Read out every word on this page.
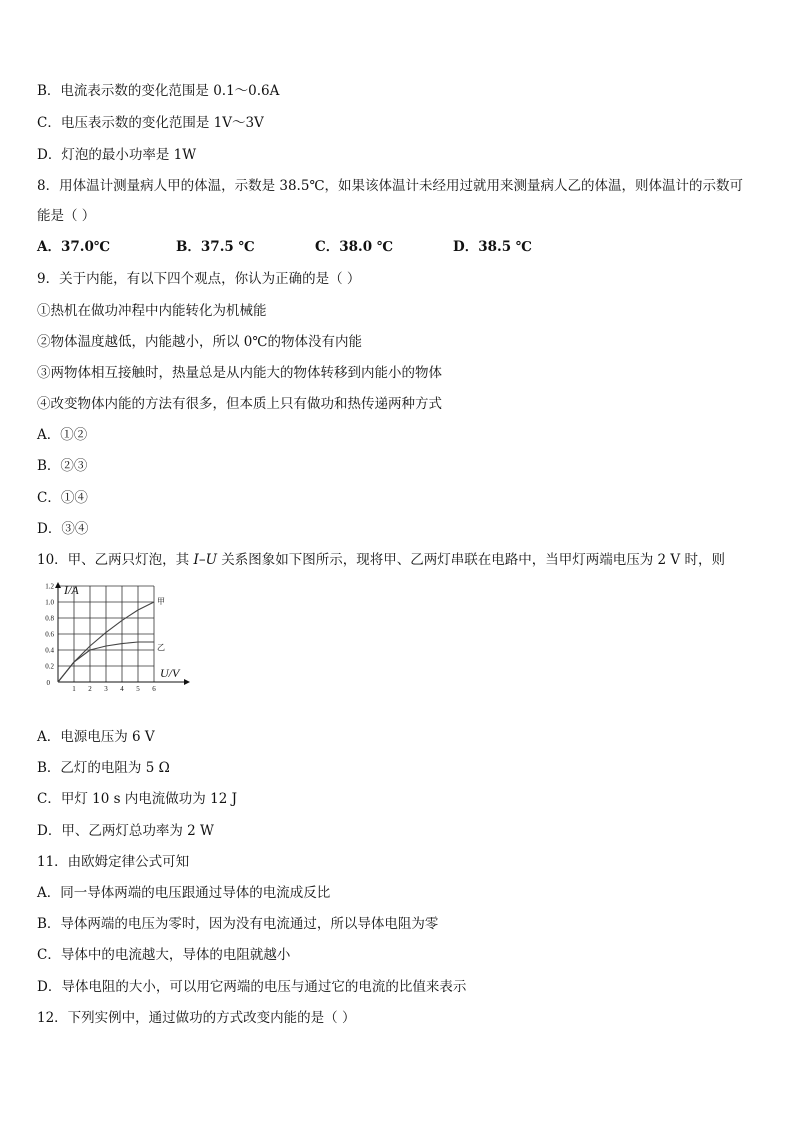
B．电流表示数的变化范围是 0.1～0.6A
C．电压表示数的变化范围是 1V～3V
D．灯泡的最小功率是 1W
8．用体温计测量病人甲的体温，示数是 38.5℃，如果该体温计未经用过就用来测量病人乙的体温，则体温计的示数可
能是（ ）
A．37.0℃	B．37.5 ℃	C．38.0 ℃	D．38.5 ℃
9．关于内能，有以下四个观点，你认为正确的是（ ）
①热机在做功冲程中内能转化为机械能
②物体温度越低，内能越小，所以 0℃的物体没有内能
③两物体相互接触时，热量总是从内能大的物体转移到内能小的物体
④改变物体内能的方法有很多，但本质上只有做功和热传递两种方式
A．①②
B．②③
C．①④
D．③④
10．甲、乙两只灯泡，其 I–U 关系图象如下图所示，现将甲、乙两灯串联在电路中，当甲灯两端电压为 2 V 时，则
1 2 3 4 5 6
0.2
0.4
0.6
0.8
1.0
1.2
0
I/A
U/V
甲
乙
A．电源电压为 6 V
B．乙灯的电阻为 5 Ω
C．甲灯 10 s 内电流做功为 12 J
D．甲、乙两灯总功率为 2 W
11．由欧姆定律公式可知
A．同一导体两端的电压跟通过导体的电流成反比
B．导体两端的电压为零时，因为没有电流通过，所以导体电阻为零
C．导体中的电流越大，导体的电阻就越小
D．导体电阻的大小，可以用它两端的电压与通过它的电流的比值来表示
12．下列实例中，通过做功的方式改变内能的是（ ）
